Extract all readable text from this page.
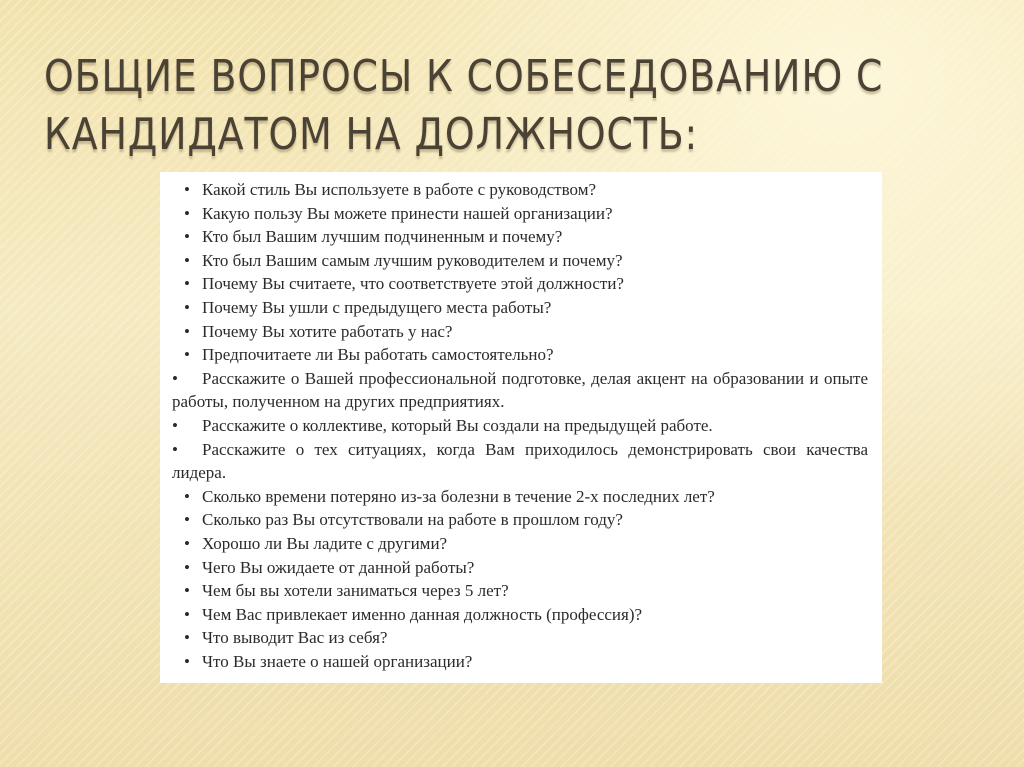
ОБЩИЕ ВОПРОСЫ К СОБЕСЕДОВАНИЮ С
КАНДИДАТОМ НА ДОЛЖНОСТЬ:
• Какой стиль Вы используете в работе с руководством?
• Какую пользу Вы можете принести нашей организации?
• Кто был Вашим лучшим подчиненным и почему?
• Кто был Вашим самым лучшим руководителем и почему?
• Почему Вы считаете, что соответствуете этой должности?
• Почему Вы ушли с предыдущего места работы?
• Почему Вы хотите работать у нас?
• Предпочитаете ли Вы работать самостоятельно?
• Расскажите о Вашей профессиональной подготовке, делая акцент на образовании и опыте работы, полученном на других предприятиях.
• Расскажите о коллективе, который Вы создали на предыдущей работе.
• Расскажите о тех ситуациях, когда Вам приходилось демонстрировать свои качества лидера.
• Сколько времени потеряно из-за болезни в течение 2-х последних лет?
• Сколько раз Вы отсутствовали на работе в прошлом году?
• Хорошо ли Вы ладите с другими?
• Чего Вы ожидаете от данной работы?
• Чем бы вы хотели заниматься через 5 лет?
• Чем Вас привлекает именно данная должность (профессия)?
• Что выводит Вас из себя?
• Что Вы знаете о нашей организации?
